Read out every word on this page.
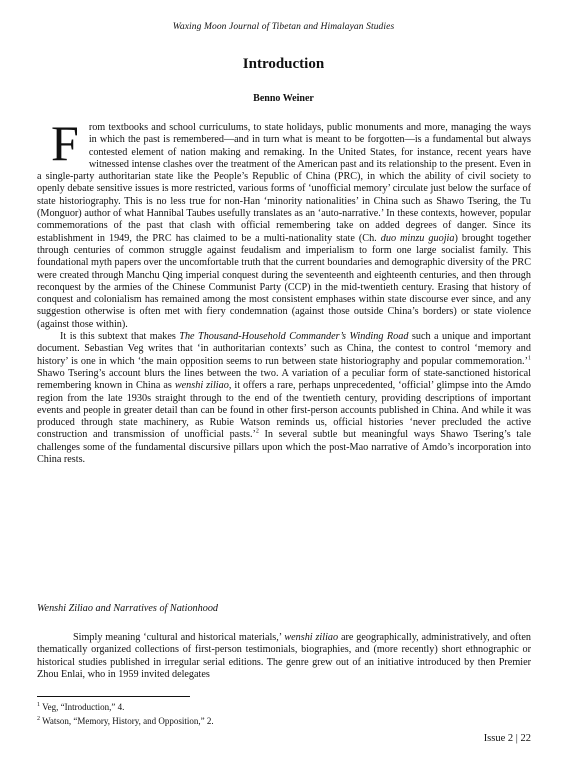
Waxing Moon Journal of Tibetan and Himalayan Studies
Introduction
Benno Weiner

From textbooks and school curriculums, to state holidays, public monuments and more, managing the ways in which the past is remembered—and in turn what is meant to be forgotten—is a fundamental but always contested element of nation making and remaking. In the United States, for instance, recent years have witnessed intense clashes over the treatment of the American past and its relationship to the present. Even in a single-party authoritarian state like the People’s Republic of China (PRC), in which the ability of civil society to openly debate sensitive issues is more restricted, various forms of ‘unofficial memory’ circulate just below the surface of state historiography. This is no less true for non-Han ‘minority nationalities’ in China such as Shawo Tsering, the Tu (Monguor) author of what Hannibal Taubes usefully translates as an ‘auto-narrative.’ In these contexts, however, popular commemorations of the past that clash with official remembering take on added degrees of danger. Since its establishment in 1949, the PRC has claimed to be a multi-nationality state (Ch. duo minzu guojia) brought together through centuries of common struggle against feudalism and imperialism to form one large socialist family. This foundational myth papers over the uncomfortable truth that the current boundaries and demographic diversity of the PRC were created through Manchu Qing imperial conquest during the seventeenth and eighteenth centuries, and then through reconquest by the armies of the Chinese Communist Party (CCP) in the mid-twentieth century. Erasing that history of conquest and colonialism has remained among the most consistent emphases within state discourse ever since, and any suggestion otherwise is often met with fiery condemnation (against those outside China’s borders) or state violence (against those within).

It is this subtext that makes The Thousand-Household Commander’s Winding Road such a unique and important document. Sebastian Veg writes that ‘in authoritarian contexts’ such as China, the contest to control ‘memory and history’ is one in which ‘the main opposition seems to run between state historiography and popular commemoration.’$^1$ Shawo Tsering’s account blurs the lines between the two. A variation of a peculiar form of state-sanctioned historical remembering known in China as wenshi ziliao, it offers a rare, perhaps unprecedented, ‘official’ glimpse into the Amdo region from the late 1930s straight through to the end of the twentieth century, providing descriptions of important events and people in greater detail than can be found in other first-person accounts published in China. And while it was produced through state machinery, as Rubie Watson reminds us, official histories ‘never precluded the active construction and transmission of unofficial pasts.’$^2$ In several subtle but meaningful ways Shawo Tsering’s tale challenges some of the fundamental discursive pillars upon which the post-Mao narrative of Amdo’s incorporation into China rests.

Wenshi Ziliao and Narratives of Nationhood

Simply meaning ‘cultural and historical materials,’ wenshi ziliao are geographically, administratively, and often thematically organized collections of first-person testimonials, biographies, and (more recently) short ethnographic or historical studies published in irregular serial editions. The genre grew out of an initiative introduced by then Premier Zhou Enlai, who in 1959 invited delegates

$^1$ Veg, “Introduction,” 4.
$^2$ Watson, “Memory, History, and Opposition,” 2.
Issue 2 | 22
